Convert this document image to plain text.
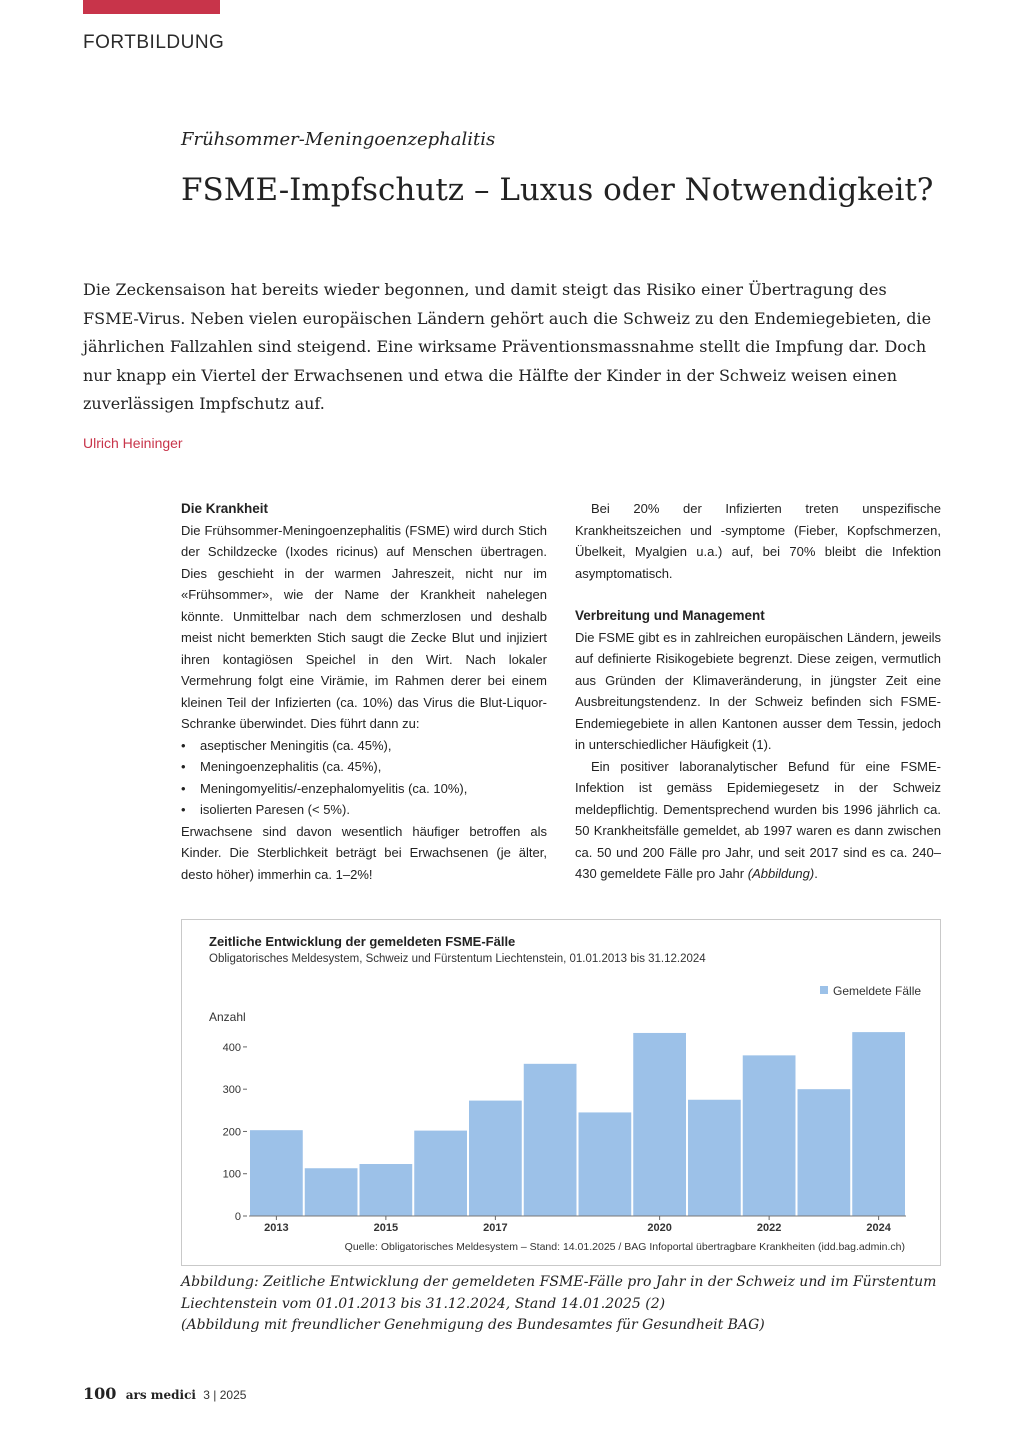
FORTBILDUNG
Frühsommer-Meningoenzephalitis
FSME-Impfschutz – Luxus oder Notwendigkeit?

Die Zeckensaison hat bereits wieder begonnen, und damit steigt das Risiko einer Übertragung des FSME-Virus. Neben vielen europäischen Ländern gehört auch die Schweiz zu den Endemiegebieten, die jährlichen Fallzahlen sind steigend. Eine wirksame Präventionsmassnahme stellt die Impfung dar. Doch nur knapp ein Viertel der Erwachsenen und etwa die Hälfte der Kinder in der Schweiz weisen einen zuverlässigen Impfschutz auf.

Ulrich Heininger
Die Krankheit

Die Frühsommer-Meningoenzephalitis (FSME) wird durch Stich der Schildzecke (Ixodes ricinus) auf Menschen übertragen. Dies geschieht in der warmen Jahreszeit, nicht nur im «Frühsommer», wie der Name der Krankheit nahelegen könnte. Unmittelbar nach dem schmerzlosen und deshalb meist nicht bemerkten Stich saugt die Zecke Blut und injiziert ihren kontagiösen Speichel in den Wirt. Nach lokaler Vermehrung folgt eine Virämie, im Rahmen derer bei einem kleinen Teil der Infizierten (ca. 10%) das Virus die Blut-Liquor-Schranke überwindet. Dies führt dann zu:

• aseptischer Meningitis (ca. 45%),
• Meningoenzephalitis (ca. 45%),
• Meningomyelitis/-enzephalomyelitis (ca. 10%),
• isolierten Paresen (< 5%).

Erwachsene sind davon wesentlich häufiger betroffen als Kinder. Die Sterblichkeit beträgt bei Erwachsenen (je älter, desto höher) immerhin ca. 1–2%!

Bei 20% der Infizierten treten unspezifische Krankheitszeichen und -symptome (Fieber, Kopfschmerzen, Übelkeit, Myalgien u.a.) auf, bei 70% bleibt die Infektion asymptomatisch.

Verbreitung und Management

Die FSME gibt es in zahlreichen europäischen Ländern, jeweils auf definierte Risikogebiete begrenzt. Diese zeigen, vermutlich aus Gründen der Klimaveränderung, in jüngster Zeit eine Ausbreitungstendenz. In der Schweiz befinden sich FSME-Endemiegebiete in allen Kantonen ausser dem Tessin, jedoch in unterschiedlicher Häufigkeit (1).

Ein positiver laboranalytischer Befund für eine FSME-Infektion ist gemäss Epidemiegesetz in der Schweiz meldepflichtig. Dementsprechend wurden bis 1996 jährlich ca. 50 Krankheitsfälle gemeldet, ab 1997 waren es dann zwischen ca. 50 und 200 Fälle pro Jahr, und seit 2017 sind es ca. 240–430 gemeldete Fälle pro Jahr (Abbildung).

Zeitliche Entwicklung der gemeldeten FSME-Fälle
Obligatorisches Meldesystem, Schweiz und Fürstentum Liechtenstein, 01.01.2013 bis 31.12.2024
Gemeldete Fälle
Anzahl
0
100
200
300
400
2013	2015	2017	2020	2022	2024
Quelle: Obligatorisches Meldesystem – Stand: 14.01.2025 / BAG Infoportal übertragbare Krankheiten (idd.bag.admin.ch)

Abbildung: Zeitliche Entwicklung der gemeldeten FSME-Fälle pro Jahr in der Schweiz und im Fürstentum Liechtenstein vom 01.01.2013 bis 31.12.2024, Stand 14.01.2025 (2)
(Abbildung mit freundlicher Genehmigung des Bundesamtes für Gesundheit BAG)

100 ars medici 3 | 2025
